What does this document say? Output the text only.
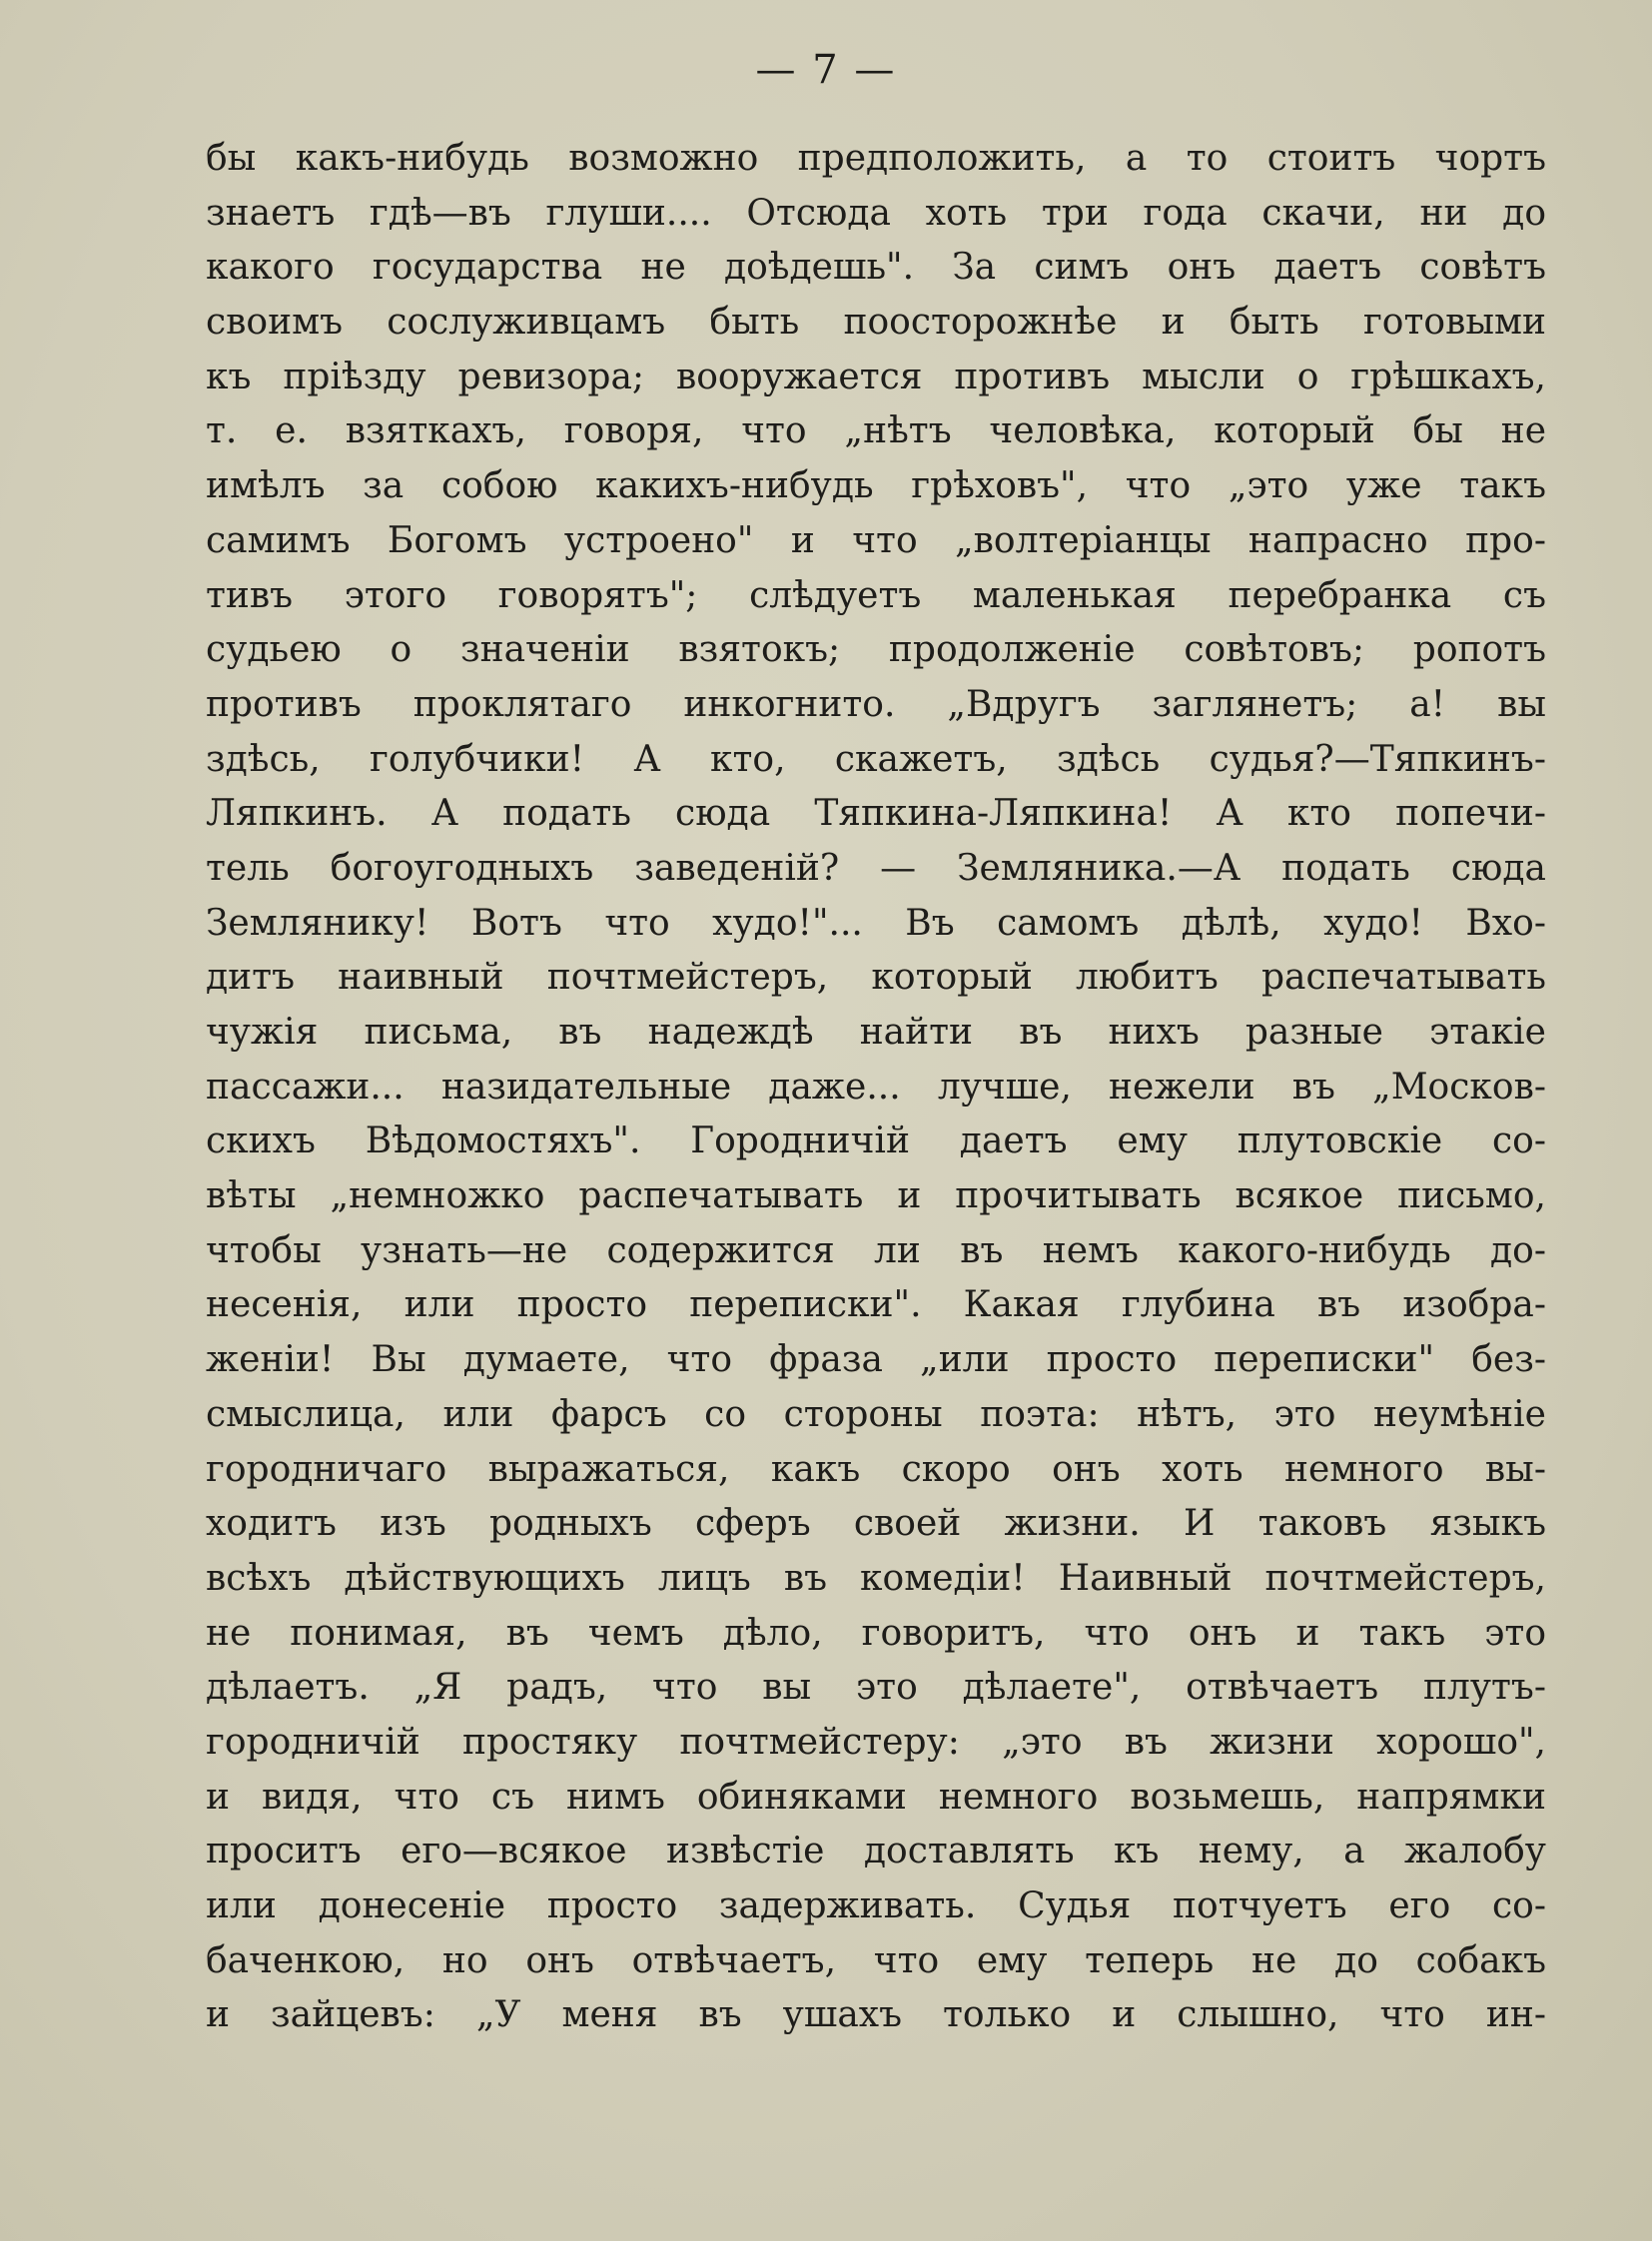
— 7 —
бы какъ-нибудь возможно предположить, а то стоитъ чортъ
знаетъ гдѣ—въ глуши.... Отсюда хоть три года скачи, ни до
какого государства не доѣдешь". За симъ онъ даетъ совѣтъ
своимъ сослуживцамъ быть поосторожнѣе и быть готовыми
къ пріѣзду ревизора; вооружается противъ мысли о грѣшкахъ,
т. е. взяткахъ, говоря, что „нѣтъ человѣка, который бы не
имѣлъ за собою какихъ-нибудь грѣховъ", что „это уже такъ
самимъ Богомъ устроено" и что „волтеріанцы напрасно про-
тивъ этого говорятъ"; слѣдуетъ маленькая перебранка съ
судьею о значеніи взятокъ; продолженіе совѣтовъ; ропотъ
противъ проклятаго инкогнито. „Вдругъ заглянетъ; а! вы
здѣсь, голубчики! А кто, скажетъ, здѣсь судья?—Тяпкинъ-
Ляпкинъ. А подать сюда Тяпкина-Ляпкина! А кто попечи-
тель богоугодныхъ заведеній? — Земляника.—А подать сюда
Землянику! Вотъ что худо!"... Въ самомъ дѣлѣ, худо! Вхо-
дитъ наивный почтмейстеръ, который любитъ распечатывать
чужія письма, въ надеждѣ найти въ нихъ разные этакіе
пассажи... назидательные даже... лучше, нежели въ „Москов-
скихъ Вѣдомостяхъ". Городничій даетъ ему плутовскіе со-
вѣты „немножко распечатывать и прочитывать всякое письмо,
чтобы узнать—не содержится ли въ немъ какого-нибудь до-
несенія, или просто переписки". Какая глубина въ изобра-
женіи! Вы думаете, что фраза „или просто переписки" без-
смыслица, или фарсъ со стороны поэта: нѣтъ, это неумѣніе
городничаго выражаться, какъ скоро онъ хоть немного вы-
ходитъ изъ родныхъ сферъ своей жизни. И таковъ языкъ
всѣхъ дѣйствующихъ лицъ въ комедіи! Наивный почтмейстеръ,
не понимая, въ чемъ дѣло, говоритъ, что онъ и такъ это
дѣлаетъ. „Я радъ, что вы это дѣлаете", отвѣчаетъ плутъ-
городничій простяку почтмейстеру: „это въ жизни хорошо",
и видя, что съ нимъ обиняками немного возьмешь, напрямки
проситъ его—всякое извѣстіе доставлять къ нему, а жалобу
или донесеніе просто задерживать. Судья потчуетъ его со-
баченкою, но онъ отвѣчаетъ, что ему теперь не до собакъ
и зайцевъ: „У меня въ ушахъ только и слышно, что ин-
